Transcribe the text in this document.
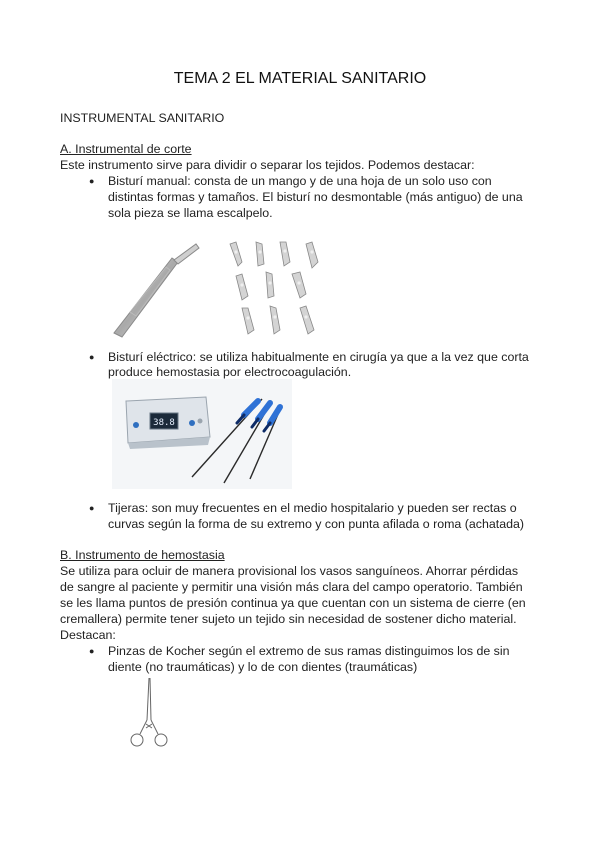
TEMA 2 EL MATERIAL SANITARIO
INSTRUMENTAL SANITARIO
A. Instrumental de corte
Este instrumento sirve para dividir o separar los tejidos. Podemos destacar:
● Bisturí manual: consta de un mango y de una hoja de un solo uso con
distintas formas y tamaños. El bisturí no desmontable (más antiguo) de una
sola pieza se llama escalpelo.
● Bisturí eléctrico: se utiliza habitualmente en cirugía ya que a la vez que corta
produce hemostasia por electrocoagulación.
38.8
● Tijeras: son muy frecuentes en el medio hospitalario y pueden ser rectas o
curvas según la forma de su extremo y con punta afilada o roma (achatada)
B. Instrumento de hemostasia
Se utiliza para ocluir de manera provisional los vasos sanguíneos. Ahorrar pérdidas
de sangre al paciente y permitir una visión más clara del campo operatorio. También
se les llama puntos de presión continua ya que cuentan con un sistema de cierre (en
cremallera) permite tener sujeto un tejido sin necesidad de sostener dicho material.
Destacan:
● Pinzas de Kocher según el extremo de sus ramas distinguimos los de sin
diente (no traumáticas) y lo de con dientes (traumáticas)
